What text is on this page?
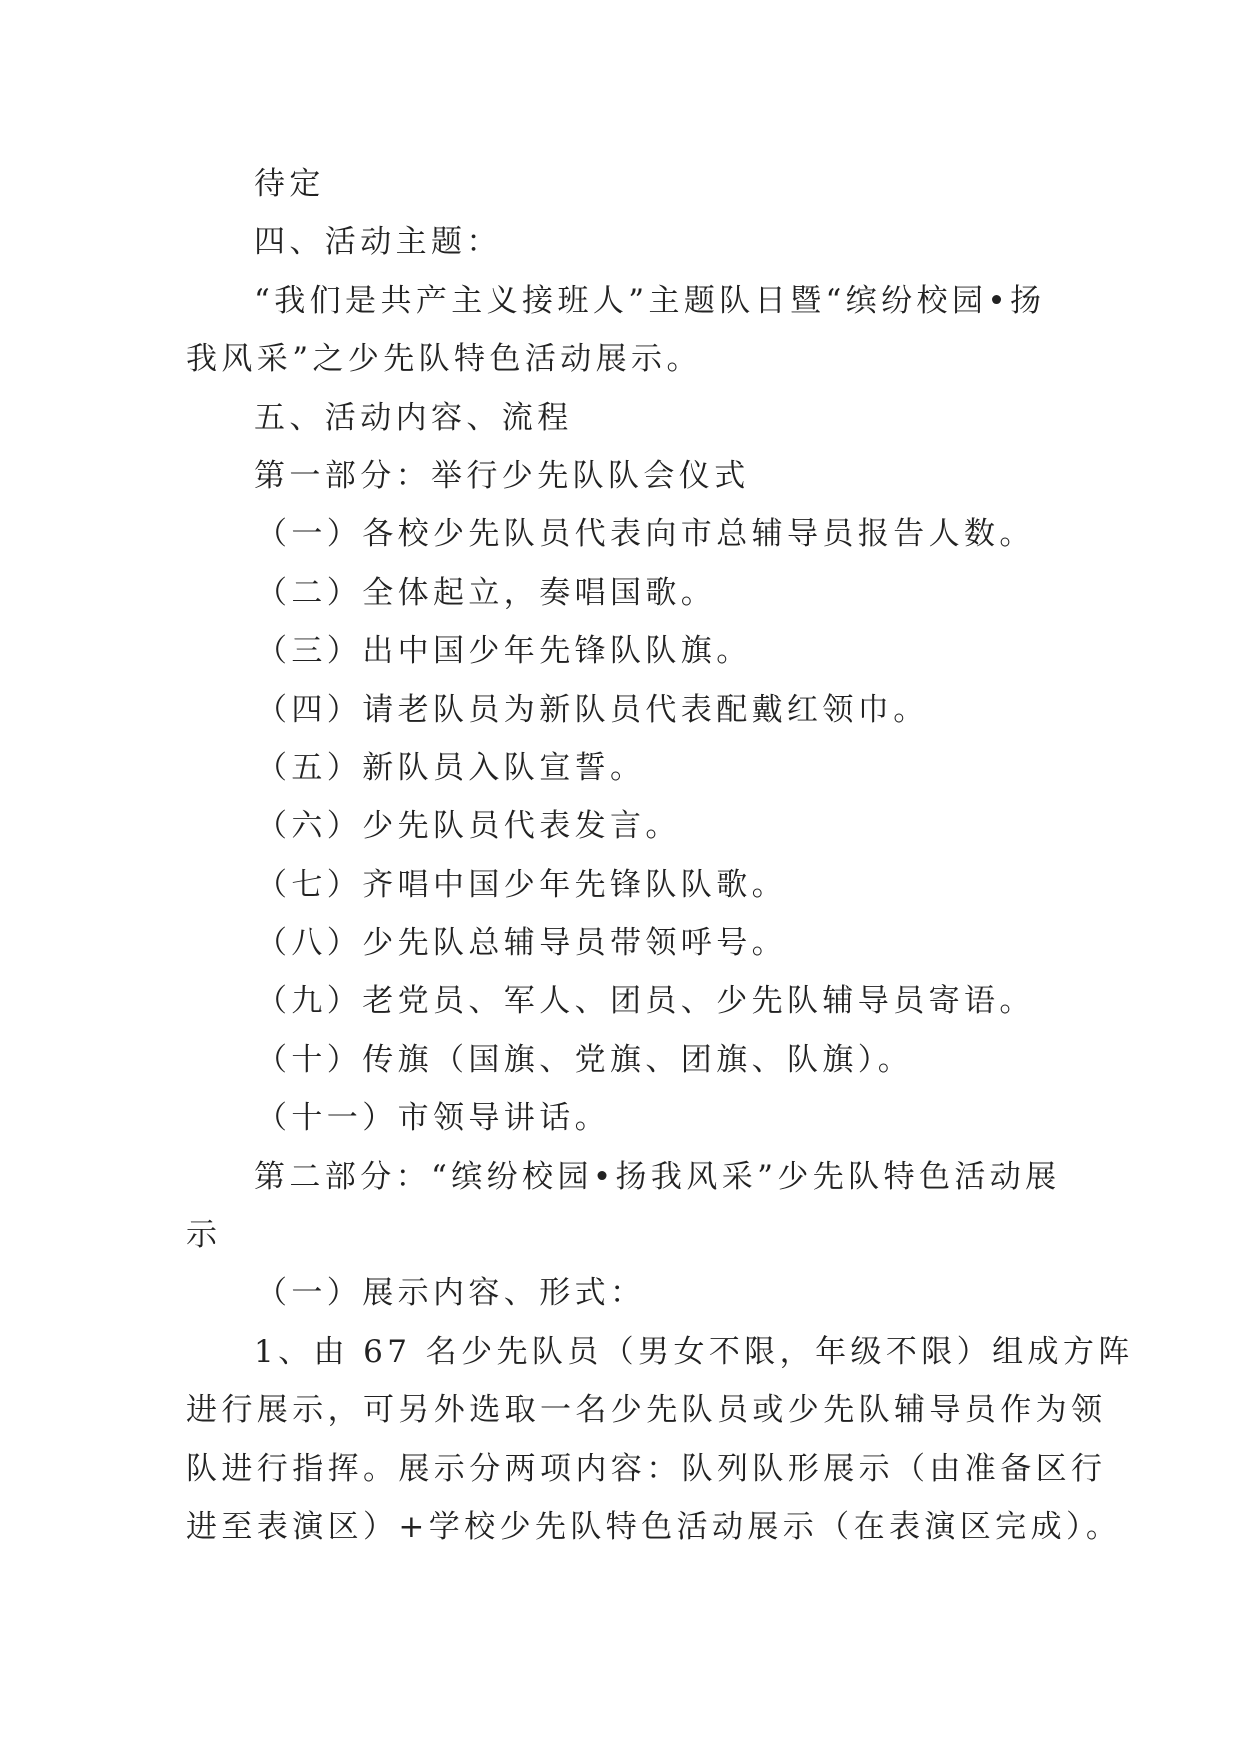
待定
四、活动主题：
“我们是共产主义接班人”主题队日暨“缤纷校园•扬
我风采”之少先队特色活动展示。
五、活动内容、流程
第一部分：举行少先队队会仪式
（一）各校少先队员代表向市总辅导员报告人数。
（二）全体起立，奏唱国歌。
（三）出中国少年先锋队队旗。
（四）请老队员为新队员代表配戴红领巾。
（五）新队员入队宣誓。
（六）少先队员代表发言。
（七）齐唱中国少年先锋队队歌。
（八）少先队总辅导员带领呼号。
（九）老党员、军人、团员、少先队辅导员寄语。
（十）传旗（国旗、党旗、团旗、队旗）。
（十一）市领导讲话。
第二部分：“缤纷校园•扬我风采”少先队特色活动展
示
（一）展示内容、形式：
1、由 67 名少先队员（男女不限，年级不限）组成方阵
进行展示，可另外选取一名少先队员或少先队辅导员作为领
队进行指挥。展示分两项内容：队列队形展示（由准备区行
进至表演区）+学校少先队特色活动展示（在表演区完成）。
